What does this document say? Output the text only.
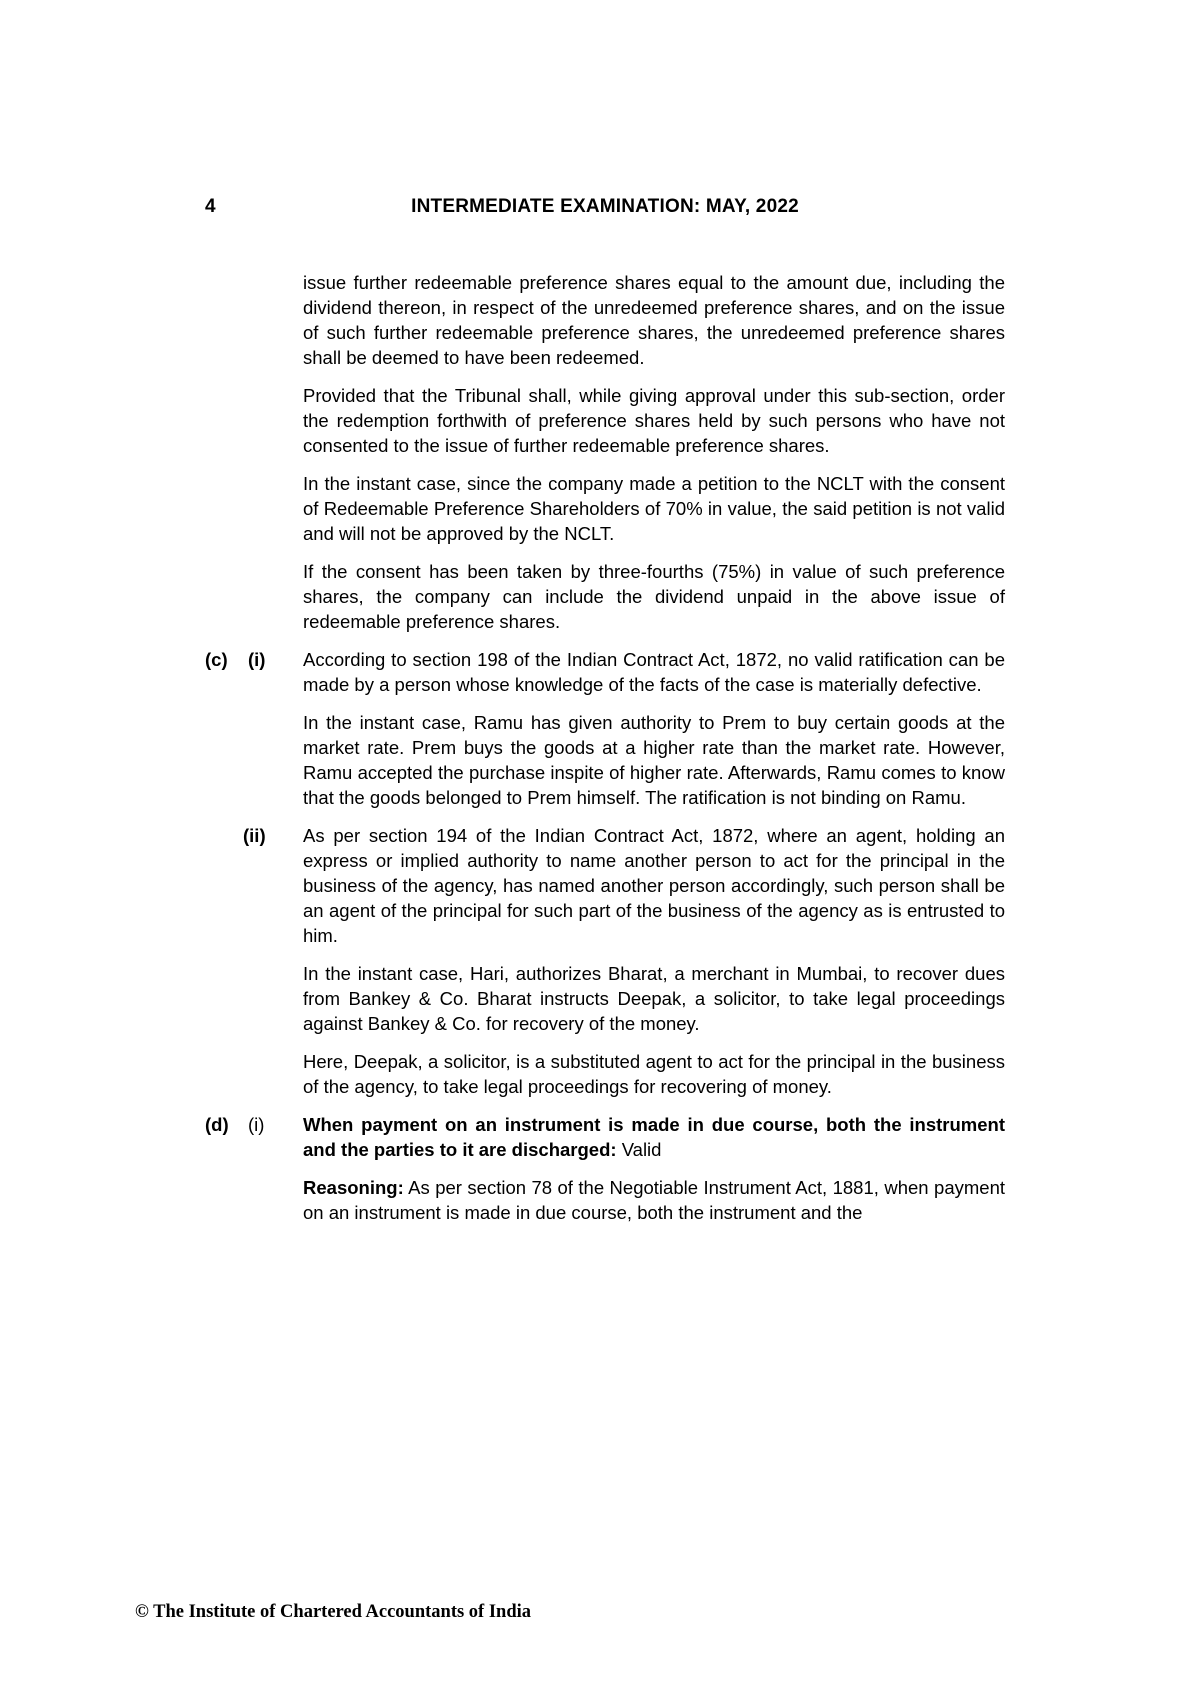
4	INTERMEDIATE EXAMINATION: MAY, 2022

issue further redeemable preference shares equal to the amount due, including the dividend thereon, in respect of the unredeemed preference shares, and on the issue of such further redeemable preference shares, the unredeemed preference shares shall be deemed to have been redeemed.

Provided that the Tribunal shall, while giving approval under this sub-section, order the redemption forthwith of preference shares held by such persons who have not consented to the issue of further redeemable preference shares.

In the instant case, since the company made a petition to the NCLT with the consent of Redeemable Preference Shareholders of 70% in value, the said petition is not valid and will not be approved by the NCLT.

If the consent has been taken by three-fourths (75%) in value of such preference shares, the company can include the dividend unpaid in the above issue of redeemable preference shares.

(c) (i) According to section 198 of the Indian Contract Act, 1872, no valid ratification can be made by a person whose knowledge of the facts of the case is materially defective.

In the instant case, Ramu has given authority to Prem to buy certain goods at the market rate. Prem buys the goods at a higher rate than the market rate. However, Ramu accepted the purchase inspite of higher rate. Afterwards, Ramu comes to know that the goods belonged to Prem himself. The ratification is not binding on Ramu.

(ii) As per section 194 of the Indian Contract Act, 1872, where an agent, holding an express or implied authority to name another person to act for the principal in the business of the agency, has named another person accordingly, such person shall be an agent of the principal for such part of the business of the agency as is entrusted to him.

In the instant case, Hari, authorizes Bharat, a merchant in Mumbai, to recover dues from Bankey & Co. Bharat instructs Deepak, a solicitor, to take legal proceedings against Bankey & Co. for recovery of the money.

Here, Deepak, a solicitor, is a substituted agent to act for the principal in the business of the agency, to take legal proceedings for recovering of money.

(d) (i) When payment on an instrument is made in due course, both the instrument and the parties to it are discharged: Valid

Reasoning: As per section 78 of the Negotiable Instrument Act, 1881, when payment on an instrument is made in due course, both the instrument and the

© The Institute of Chartered Accountants of India
